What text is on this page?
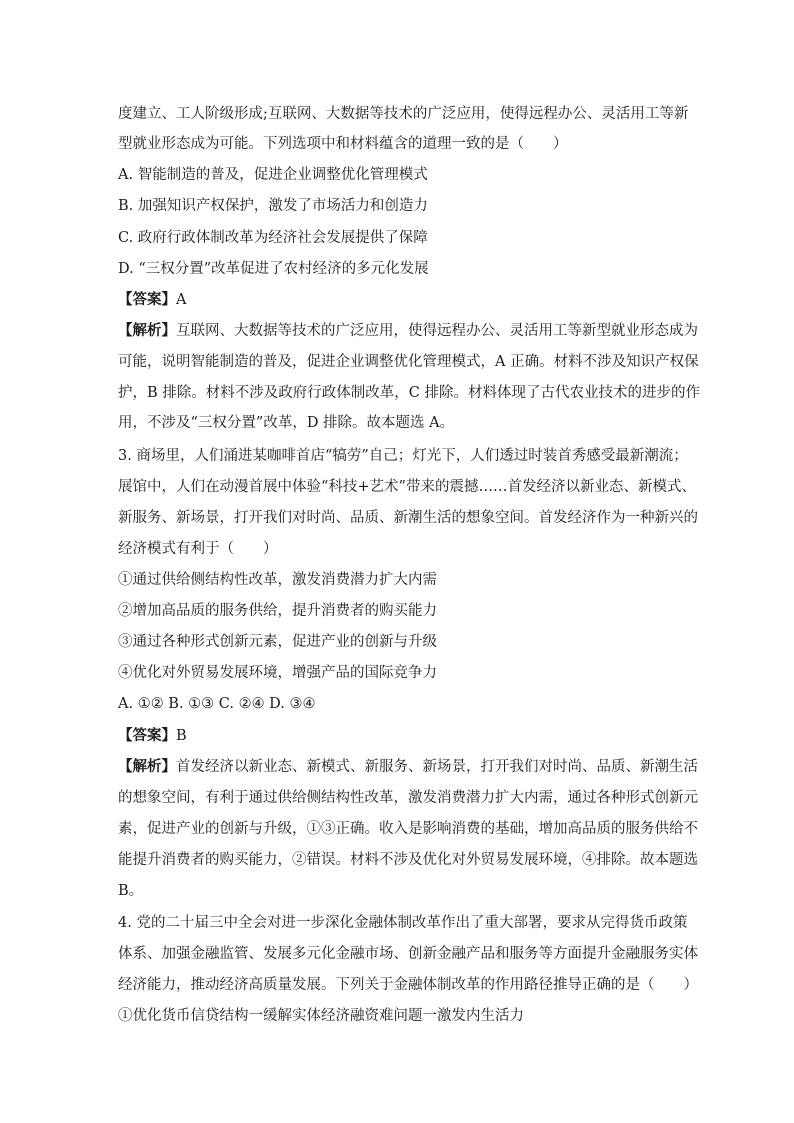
度建立、工人阶级形成;互联网、大数据等技术的广泛应用，使得远程办公、灵活用工等新
型就业形态成为可能。下列选项中和材料蕴含的道理一致的是（　　）
A. 智能制造的普及，促进企业调整优化管理模式
B. 加强知识产权保护，激发了市场活力和创造力
C. 政府行政体制改革为经济社会发展提供了保障
D. “三权分置”改革促进了农村经济的多元化发展
【答案】A
【解析】互联网、大数据等技术的广泛应用，使得远程办公、灵活用工等新型就业形态成为
可能，说明智能制造的普及，促进企业调整优化管理模式，A 正确。材料不涉及知识产权保
护，B 排除。材料不涉及政府行政体制改革，C 排除。材料体现了古代农业技术的进步的作
用，不涉及“三权分置”改革，D 排除。故本题选 A。
3. 商场里，人们涌进某咖啡首店“犒劳”自己；灯光下，人们透过时装首秀感受最新潮流；
展馆中，人们在动漫首展中体验“科技+艺术”带来的震撼……首发经济以新业态、新模式、
新服务、新场景，打开我们对时尚、品质、新潮生活的想象空间。首发经济作为一种新兴的
经济模式有利于（　　）
①通过供给侧结构性改革，激发消费潜力扩大内需
②增加高品质的服务供给，提升消费者的购买能力
③通过各种形式创新元素，促进产业的创新与升级
④优化对外贸易发展环境，增强产品的国际竞争力
A. ①② B. ①③ C. ②④ D. ③④
【答案】B
【解析】首发经济以新业态、新模式、新服务、新场景，打开我们对时尚、品质、新潮生活
的想象空间，有利于通过供给侧结构性改革，激发消费潜力扩大内需，通过各种形式创新元
素，促进产业的创新与升级，①③正确。收入是影响消费的基础，增加高品质的服务供给不
能提升消费者的购买能力，②错误。材料不涉及优化对外贸易发展环境，④排除。故本题选
B。
4. 党的二十届三中全会对进一步深化金融体制改革作出了重大部署，要求从完得货币政策
体系、加强金融监管、发展多元化金融市场、创新金融产品和服务等方面提升金融服务实体
经济能力，推动经济高质量发展。下列关于金融体制改革的作用路径推导正确的是（　　）
①优化货币信贷结构一缓解实体经济融资难问题一激发内生活力
